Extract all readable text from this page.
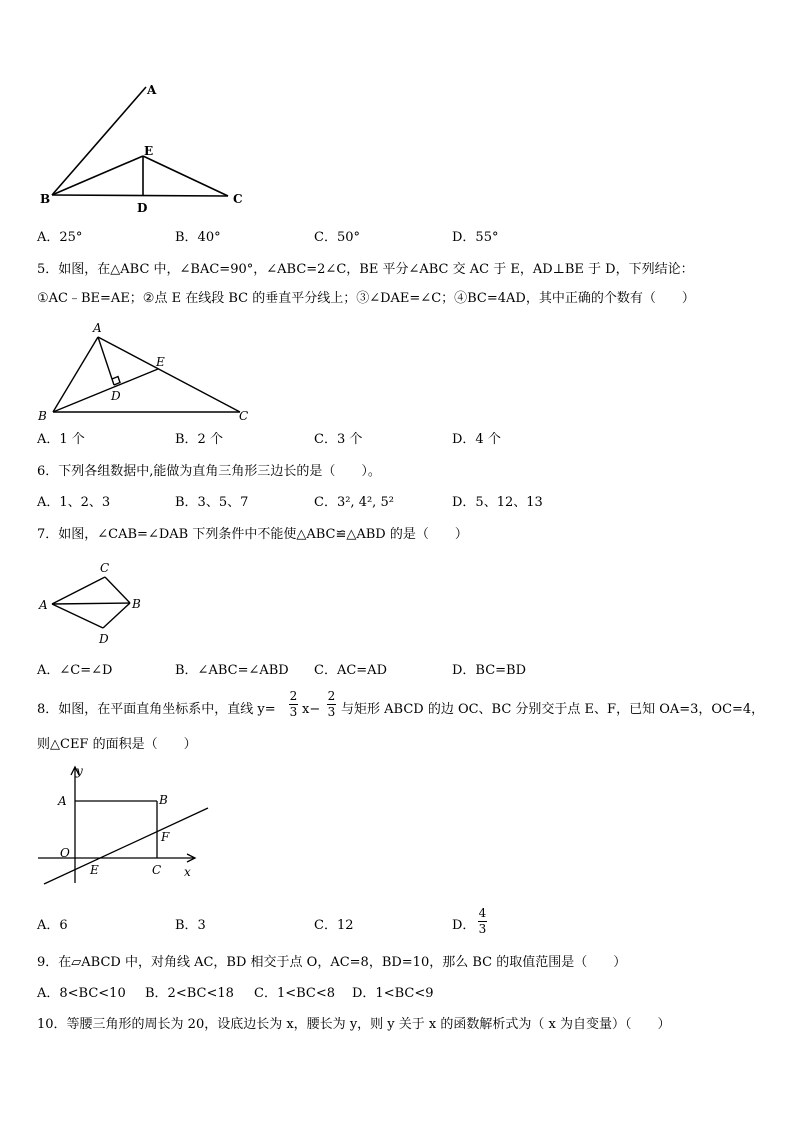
A
E
B
D
C
A．25°	B．40°	C．50°	D．55°
5．如图，在△ABC 中，∠BAC=90°，∠ABC=2∠C，BE 平分∠ABC 交 AC 于 E，AD⊥BE 于 D，下列结论：
①AC﹣BE=AE；②点 E 在线段 BC 的垂直平分线上；③∠DAE=∠C；④BC=4AD，其中正确的个数有（　　）
A
E
D
B	C
A．1 个	B．2 个	C．3 个	D．4 个
6．下列各组数据中,能做为直角三角形三边长的是（　　）。
A．1、2、3	B．3、5、7	C．3², 4², 5²	D．5、12、13
7．如图，∠CAB=∠DAB 下列条件中不能使△ABC≌△ABD 的是（　　）
C
A	B
D
A．∠C=∠D	B．∠ABC=∠ABD C．AC=AD	D．BC=BD
8．如图，在平面直角坐标系中，直线 y=
2
3 x−
2
3 与矩形 ABCD 的边 OC、BC 分别交于点 E、F，已知 OA=3，OC=4，
则△CEF 的面积是（　　）
y
A	B
F
O
E	C x
A．6	B．3	C．12	D．
4
3
9．在▱ABCD 中，对角线 AC，BD 相交于点 O，AC=8，BD=10，那么 BC 的取值范围是（　　）
A．8<BC<10 B．2<BC<18 C．1<BC<8 D．1<BC<9
10．等腰三角形的周长为 20，设底边长为 x，腰长为 y，则 y 关于 x 的函数解析式为（ x 为自变量）（　　）
